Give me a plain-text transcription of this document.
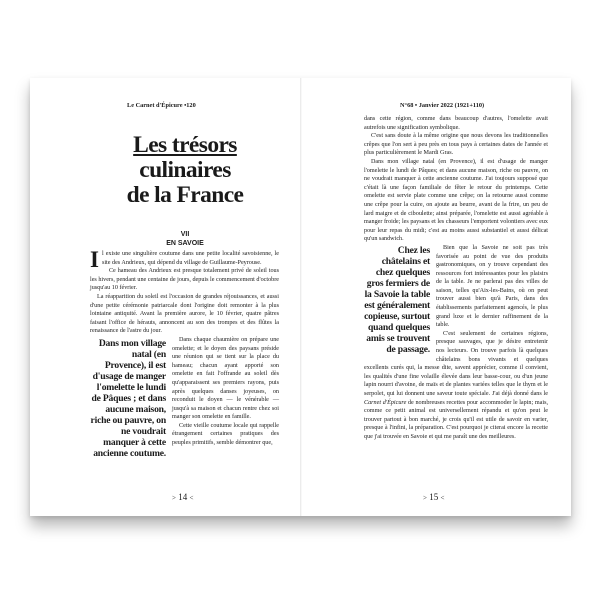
Le Carnet d'Épicure •120
Les trésors
culinaires
de la France
VII
EN SAVOIE

Il existe une singulière coutume dans une petite localité savoisienne, le site des Andrieux, qui dépend du village de Guillaume-Peyrouse.

Ce hameau des Andrieux est presque totalement privé de soleil tous les hivers, pendant une centaine de jours, depuis le commencement d'octobre jusqu'au 10 février.

La réapparition du soleil est l'occasion de grandes réjouissances, et aussi d'une petite cérémonie patriarcale dont l'origine doit remonter à la plus lointaine antiquité. Avant la première aurore, le 10 février, quatre pâtres faisant l'office de hérauts, annoncent au son des trompes et des flûtes la renaissance de l'astre du jour.

Dans mon village natal (en Provence), il est d'usage de manger l'omelette le lundi de Pâques ; et dans aucune maison, riche ou pauvre, on ne voudrait manquer à cette ancienne coutume.

Dans chaque chaumière on prépare une omelette; et le doyen des paysans préside une réunion qui se tient sur la place du hameau; chacun ayant apporté son omelette en fait l'offrande au soleil dès qu'apparaissent ses premiers rayons, puis après quelques danses joyeuses, on reconduit le doyen — le vénérable — jusqu'à sa maison et chacun rentre chez soi manger son omelette en famille.

Cette vieille coutume locale qui rappelle étrangement certaines pratiques des peuples primitifs, semble démontrer que,

> 14 <
N°68 • Janvier 2022 (1921+110)

dans cette région, comme dans beaucoup d'autres, l'omelette avait autrefois une signification symbolique.

C'est sans doute à la même origine que nous devons les traditionnelles crêpes que l'on sert à peu près en tous pays à certaines dates de l'année et plus particulièrement le Mardi Gras.

Dans mon village natal (en Provence), il est d'usage de manger l'omelette le lundi de Pâques; et dans aucune maison, riche ou pauvre, on ne voudrait manquer à cette ancienne coutume. J'ai toujours supposé que c'était là une façon familiale de fêter le retour du printemps. Cette omelette est servie plate comme une crêpe; on la retourne aussi comme une crêpe pour la cuire, on ajoute au beurre, avant de la frire, un peu de lard maigre et de ciboulette; ainsi préparée, l'omelette est aussi agréable à manger froide; les paysans et les chasseurs l'emportent volontiers avec eux pour leur repas du midi; c'est au moins aussi substantiel et aussi délicat qu'un sandwich.

Chez les châtelains et chez quelques gros fermiers de la Savoie la table est généralement copieuse, surtout quand quelques amis se trouvent de passage.

Bien que la Savoie ne soit pas très favorisée au point de vue des produits gastronomiques, on y trouve cependant des ressources fort intéressantes pour les plaisirs de la table. Je ne parlerai pas des villes de saison, telles qu'Aix-les-Bains, où on peut trouver aussi bien qu'à Paris, dans des établissements parfaitement agencés, le plus grand luxe et le dernier raffinement de la table.

C'est seulement de certaines régions, presque sauvages, que je désire entretenir nos lecteurs. On trouve parfois là quelques châtelains bons vivants et quelques excellents curés qui, la messe dite, savent apprécier, comme il convient, les qualités d'une fine volaille élevée dans leur basse-cour, ou d'un jeune lapin nourri d'avoine, de maïs et de plantes variées telles que le thym et le serpolet, qui lui donnent une saveur toute spéciale. J'ai déjà donné dans le Carnet d'Épicure de nombreuses recettes pour accommoder le lapin; mais, comme ce petit animal est universellement répandu et qu'on peut le trouver partout à bon marché, je crois qu'il est utile de savoir en varier, presque à l'infini, la préparation. C'est pourquoi je citerai encore la recette que j'ai trouvée en Savoie et qui me paraît une des meilleures.

> 15 <
